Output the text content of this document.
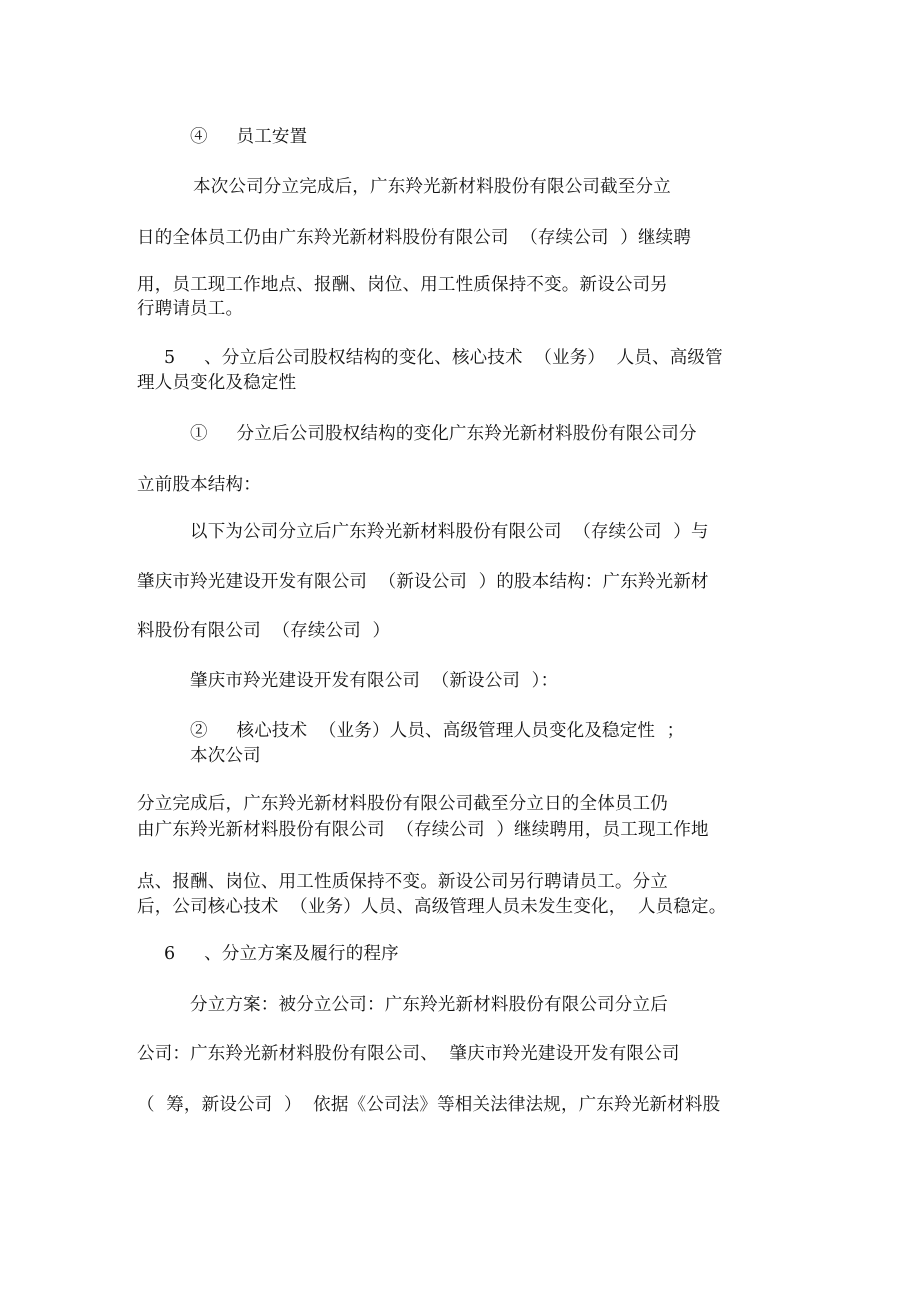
④     员工安置
本次公司分立完成后，广东羚光新材料股份有限公司截至分立
日的全体员工仍由广东羚光新材料股份有限公司  （存续公司  ）继续聘
用，员工现工作地点、报酬、岗位、用工性质保持不变。新设公司另
行聘请员工。
5     、分立后公司股权结构的变化、核心技术  （业务）  人员、高级管
理人员变化及稳定性
①     分立后公司股权结构的变化广东羚光新材料股份有限公司分
立前股本结构：
以下为公司分立后广东羚光新材料股份有限公司  （存续公司  ）与
肇庆市羚光建设开发有限公司  （新设公司  ）的股本结构：广东羚光新材
料股份有限公司  （存续公司  ）
肇庆市羚光建设开发有限公司  （新设公司  ）：
②     核心技术  （业务）人员、高级管理人员变化及稳定性  ；
本次公司
分立完成后，广东羚光新材料股份有限公司截至分立日的全体员工仍
由广东羚光新材料股份有限公司  （存续公司  ）继续聘用，员工现工作地
点、报酬、岗位、用工性质保持不变。新设公司另行聘请员工。分立
后，公司核心技术  （业务）人员、高级管理人员未发生变化，  人员稳定。
6     、分立方案及履行的程序
分立方案：被分立公司：广东羚光新材料股份有限公司分立后
公司：广东羚光新材料股份有限公司、  肇庆市羚光建设开发有限公司
（  筹，新设公司  ）  依据《公司法》等相关法律法规，广东羚光新材料股
